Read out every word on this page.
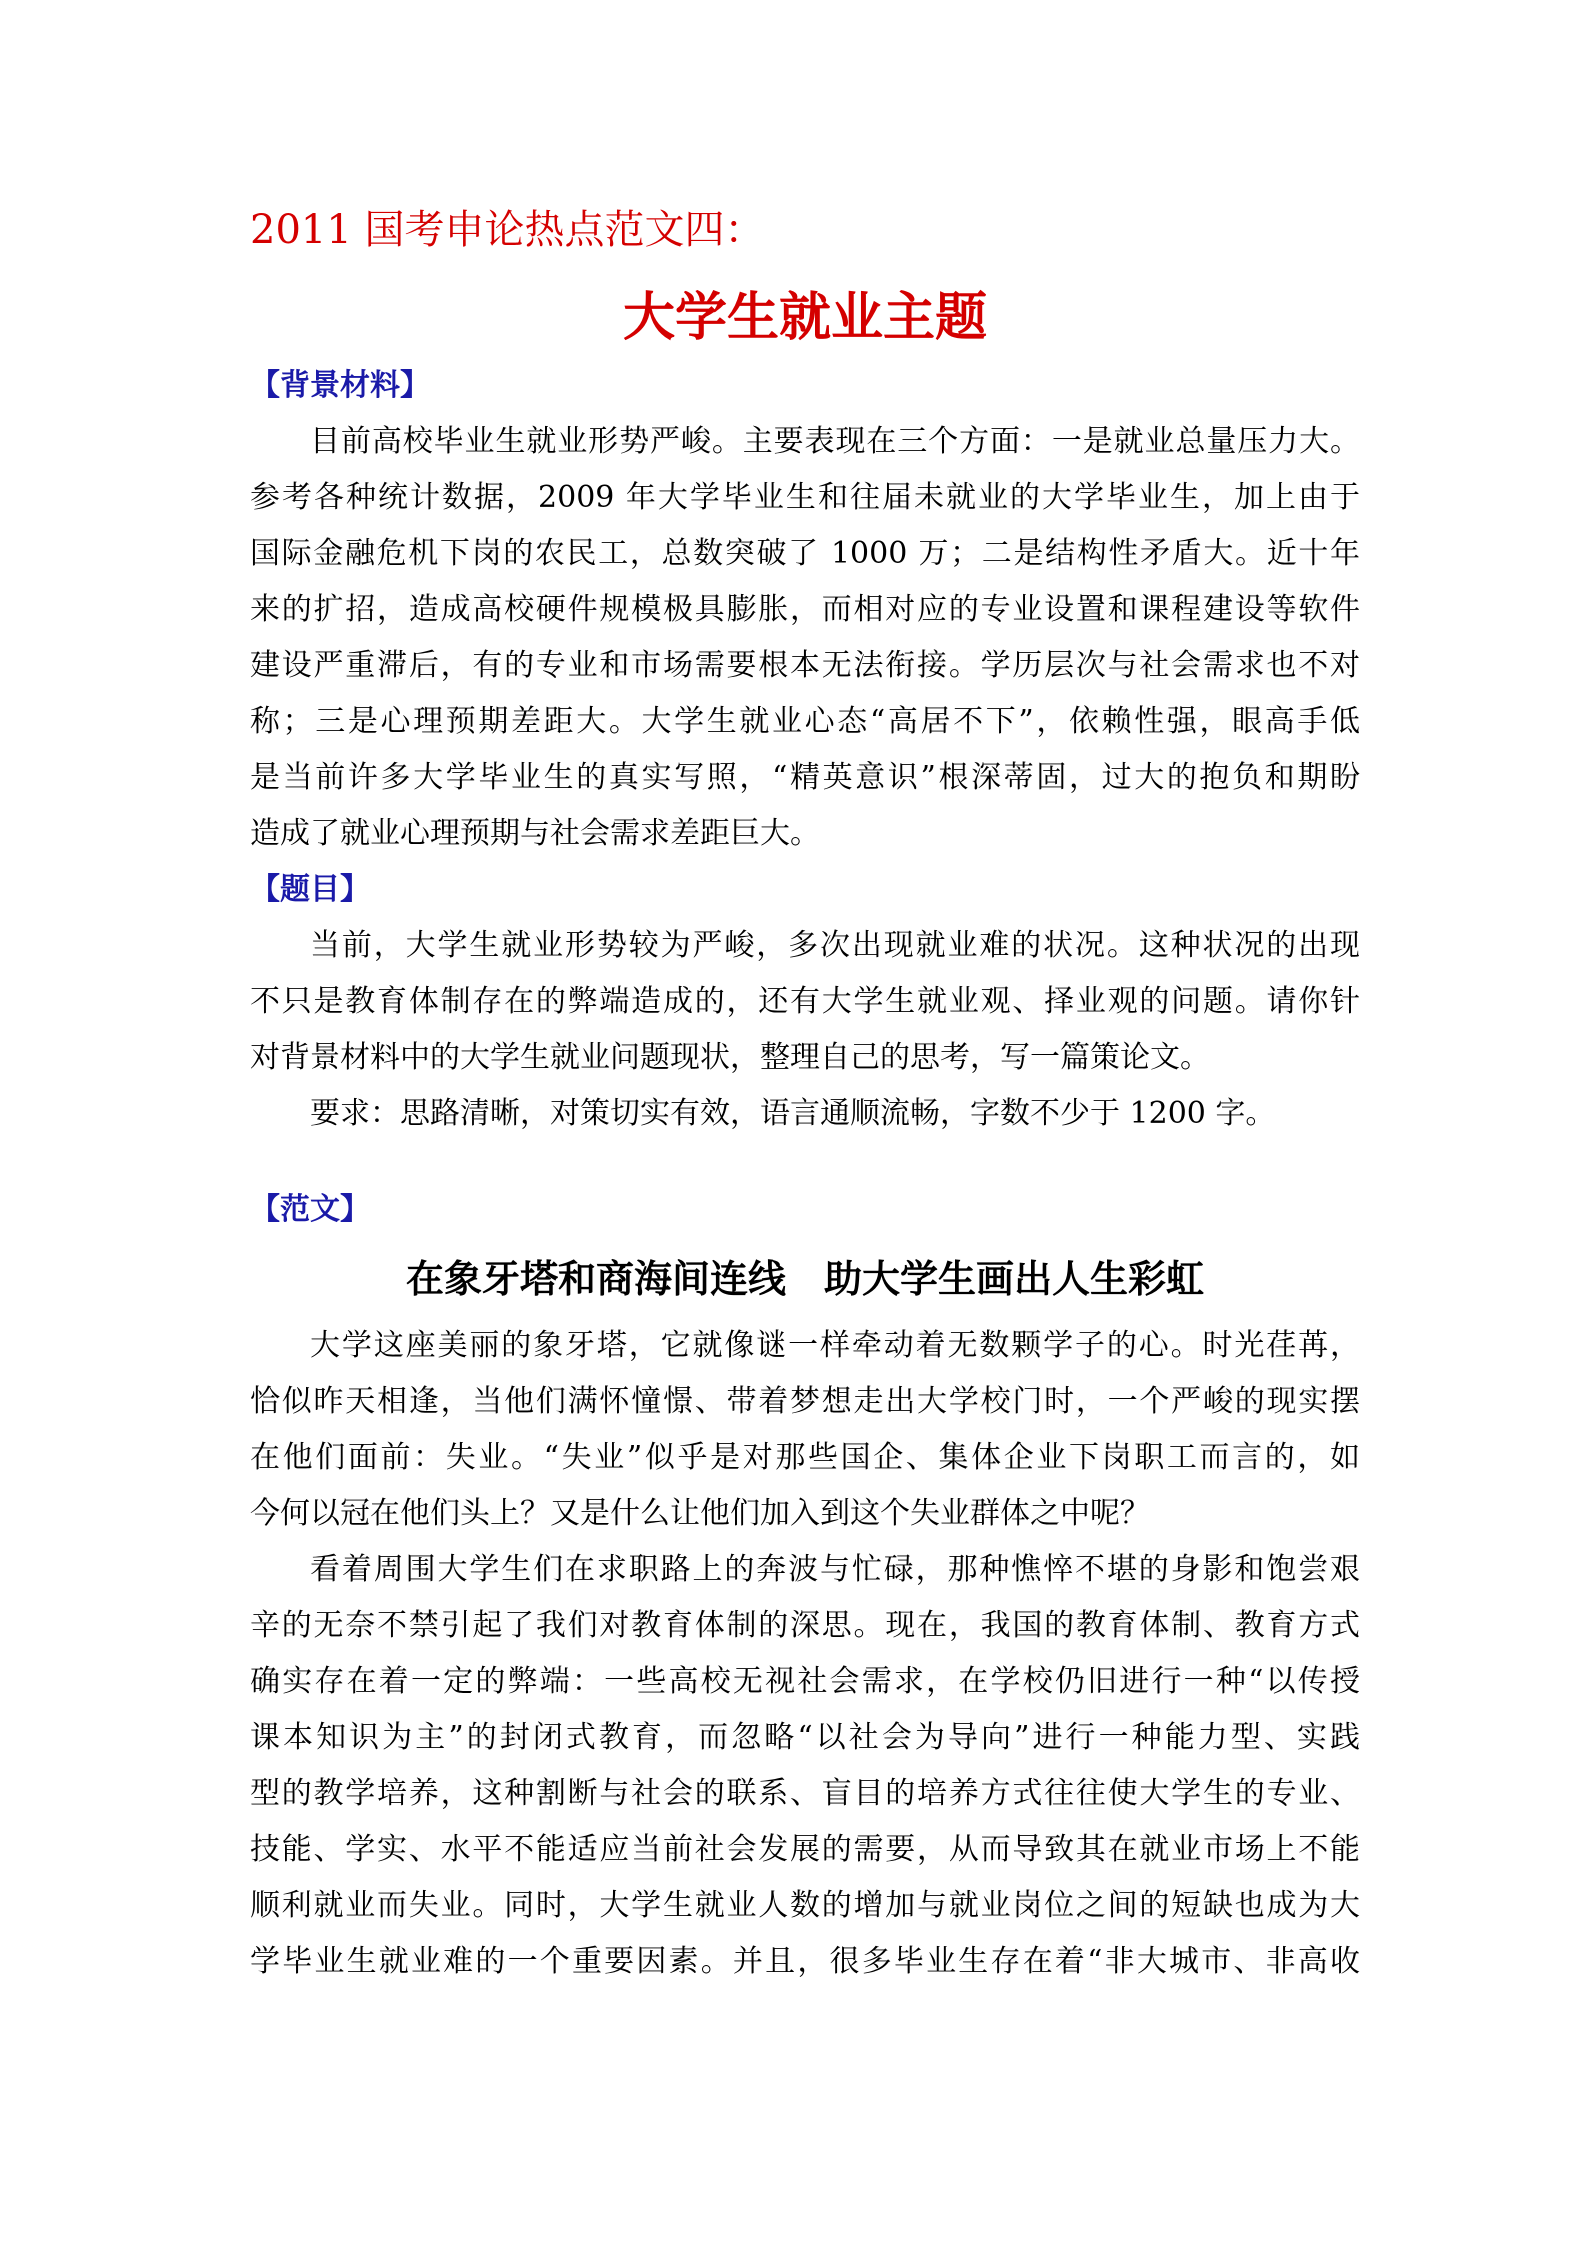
2011 国考申论热点范文四：
大学生就业主题
【背景材料】
目前高校毕业生就业形势严峻。主要表现在三个方面：一是就业总量压力大。
参考各种统计数据，2009 年大学毕业生和往届未就业的大学毕业生，加上由于
国际金融危机下岗的农民工，总数突破了 1000 万；二是结构性矛盾大。近十年
来的扩招，造成高校硬件规模极具膨胀，而相对应的专业设置和课程建设等软件
建设严重滞后，有的专业和市场需要根本无法衔接。学历层次与社会需求也不对
称；三是心理预期差距大。大学生就业心态“高居不下”，依赖性强，眼高手低
是当前许多大学毕业生的真实写照，“精英意识”根深蒂固，过大的抱负和期盼
造成了就业心理预期与社会需求差距巨大。
【题目】
当前，大学生就业形势较为严峻，多次出现就业难的状况。这种状况的出现
不只是教育体制存在的弊端造成的，还有大学生就业观、择业观的问题。请你针
对背景材料中的大学生就业问题现状，整理自己的思考，写一篇策论文。
要求：思路清晰，对策切实有效，语言通顺流畅，字数不少于 1200 字。
【范文】
在象牙塔和商海间连线　助大学生画出人生彩虹
大学这座美丽的象牙塔，它就像谜一样牵动着无数颗学子的心。时光荏苒，
恰似昨天相逢，当他们满怀憧憬、带着梦想走出大学校门时，一个严峻的现实摆
在他们面前：失业。“失业”似乎是对那些国企、集体企业下岗职工而言的，如
今何以冠在他们头上？又是什么让他们加入到这个失业群体之中呢？
看着周围大学生们在求职路上的奔波与忙碌，那种憔悴不堪的身影和饱尝艰
辛的无奈不禁引起了我们对教育体制的深思。现在，我国的教育体制、教育方式
确实存在着一定的弊端：一些高校无视社会需求，在学校仍旧进行一种“以传授
课本知识为主”的封闭式教育，而忽略“以社会为导向”进行一种能力型、实践
型的教学培养，这种割断与社会的联系、盲目的培养方式往往使大学生的专业、
技能、学实、水平不能适应当前社会发展的需要，从而导致其在就业市场上不能
顺利就业而失业。同时，大学生就业人数的增加与就业岗位之间的短缺也成为大
学毕业生就业难的一个重要因素。并且，很多毕业生存在着“非大城市、非高收
